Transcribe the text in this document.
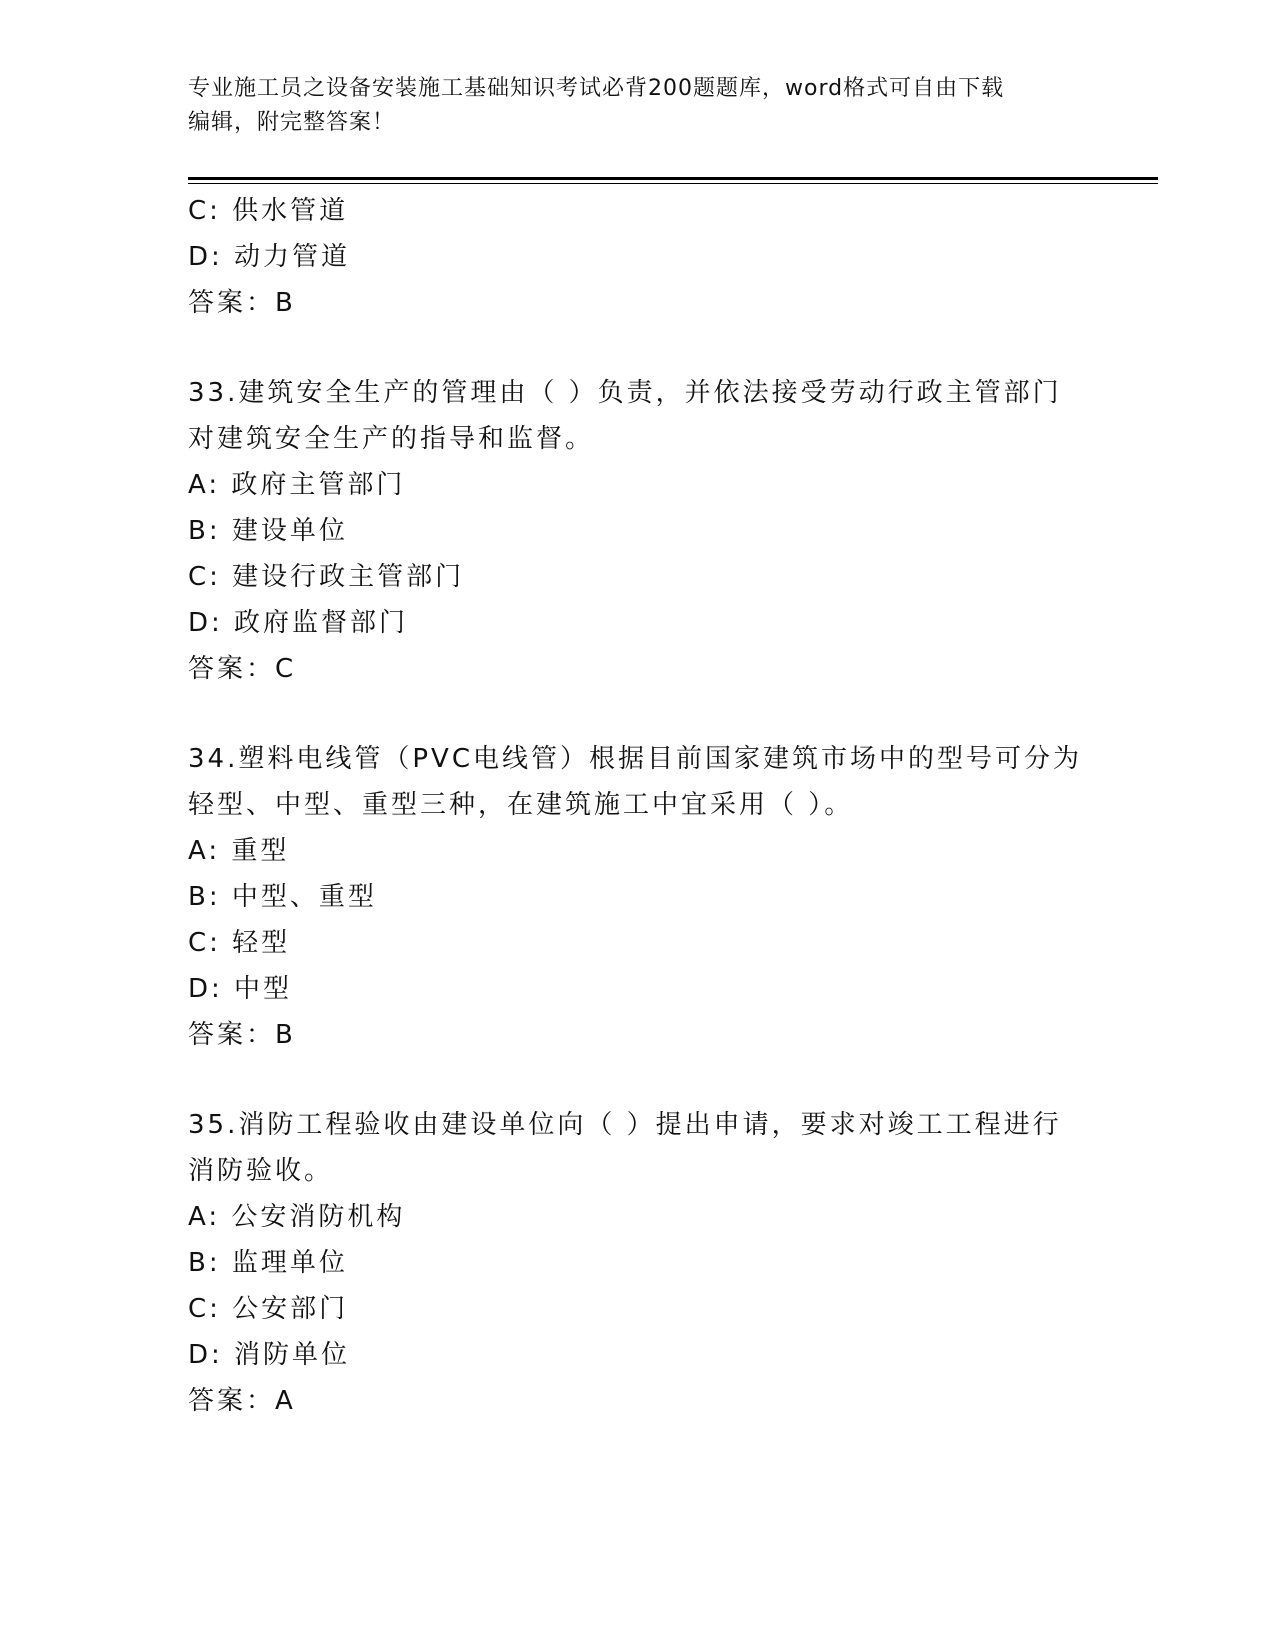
专业施工员之设备安装施工基础知识考试必背200题题库，word格式可自由下载
编辑，附完整答案！
C: 供水管道
D: 动力管道
答案：B
33.建筑安全生产的管理由（ ）负责，并依法接受劳动行政主管部门
对建筑安全生产的指导和监督。
A: 政府主管部门
B: 建设单位
C: 建设行政主管部门
D: 政府监督部门
答案：C
34.塑料电线管（PVC电线管）根据目前国家建筑市场中的型号可分为
轻型、中型、重型三种，在建筑施工中宜采用（ ）。
A: 重型
B: 中型、重型
C: 轻型
D: 中型
答案：B
35.消防工程验收由建设单位向（ ）提出申请，要求对竣工工程进行
消防验收。
A: 公安消防机构
B: 监理单位
C: 公安部门
D: 消防单位
答案：A
